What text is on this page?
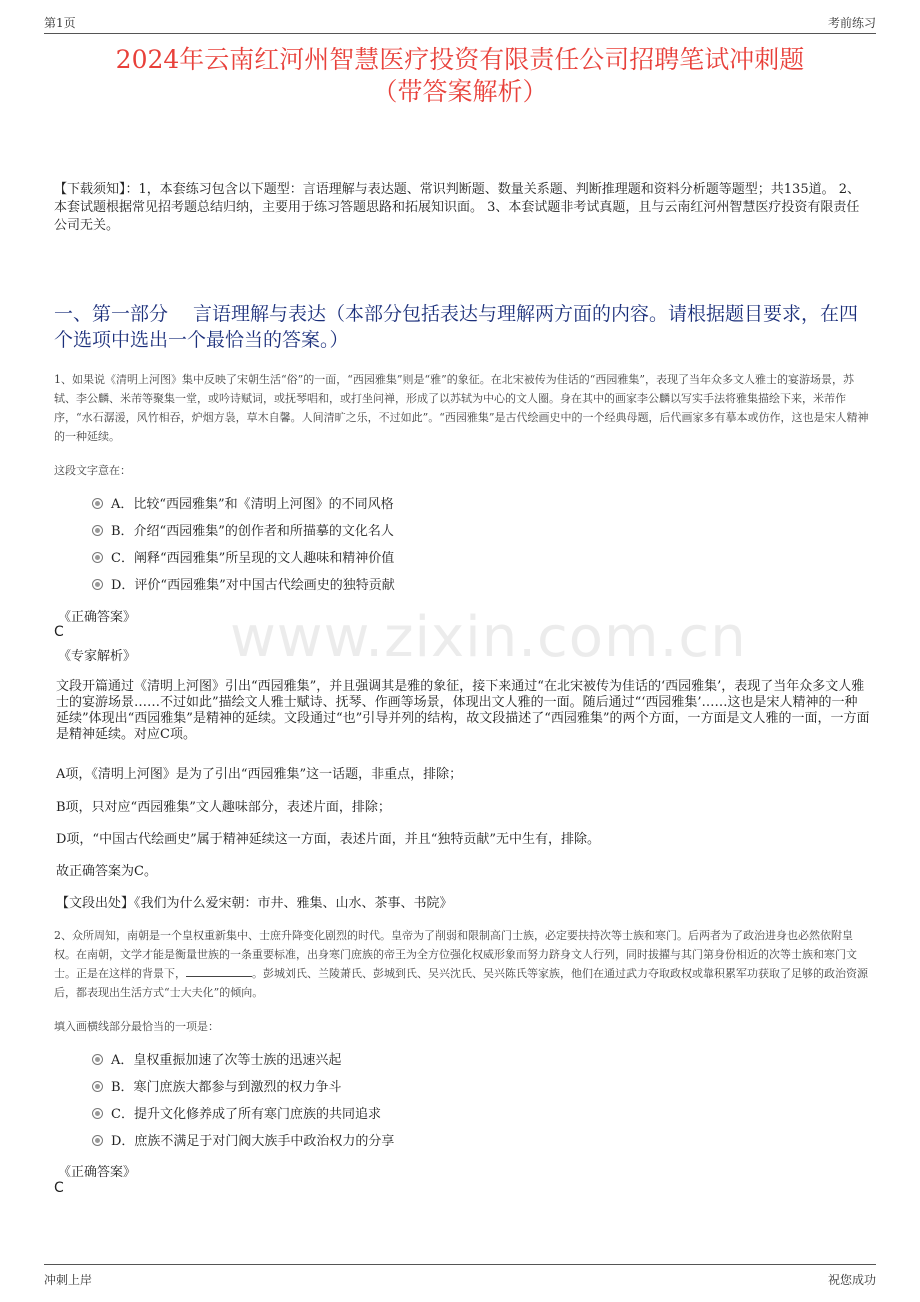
第1页	考前练习
2024年云南红河州智慧医疗投资有限责任公司招聘笔试冲刺题
（带答案解析）
【下载须知】：1，本套练习包含以下题型：言语理解与表达题、常识判断题、数量关系题、判断推理题和资料分析题等题型；共135道。 2、本套试题根据常见招考题总结归纳，主要用于练习答题思路和拓展知识面。 3、本套试题非考试真题，且与云南红河州智慧医疗投资有限责任公司无关。
一、第一部分　 言语理解与表达（本部分包括表达与理解两方面的内容。请根据题目要求，在四个选项中选出一个最恰当的答案。）
1、如果说《清明上河图》集中反映了宋朝生活“俗”的一面，“西园雅集”则是“雅”的象征。在北宋被传为佳话的“西园雅集”，表现了当年众多文人雅士的宴游场景，苏轼、李公麟、米芾等聚集一堂，或吟诗赋词，或抚琴唱和，或打坐问禅，形成了以苏轼为中心的文人圈。身在其中的画家李公麟以写实手法将雅集描绘下来，米芾作序，“水石潺湲，风竹相吞，炉烟方袅，草木自馨。人间清旷之乐，不过如此”。“西园雅集”是古代绘画史中的一个经典母题，后代画家多有摹本或仿作，这也是宋人精神的一种延续。
这段文字意在：
A．比较“西园雅集”和《清明上河图》的不同风格
B．介绍“西园雅集”的创作者和所描摹的文化名人
C．阐释“西园雅集”所呈现的文人趣味和精神价值
D．评价“西园雅集”对中国古代绘画史的独特贡献
《正确答案》
C
《专家解析》
文段开篇通过《清明上河图》引出“西园雅集”，并且强调其是雅的象征，接下来通过“在北宋被传为佳话的‘西园雅集’，表现了当年众多文人雅士的宴游场景……不过如此”描绘文人雅士赋诗、抚琴、作画等场景，体现出文人雅的一面。随后通过“‘西园雅集’……这也是宋人精神的一种延续”体现出“西园雅集”是精神的延续。文段通过“也”引导并列的结构，故文段描述了“西园雅集”的两个方面，一方面是文人雅的一面，一方面是精神延续。对应C项。
A项，《清明上河图》是为了引出“西园雅集”这一话题，非重点，排除；
B项，只对应“西园雅集”文人趣味部分，表述片面，排除；
D项，“中国古代绘画史”属于精神延续这一方面，表述片面，并且“独特贡献”无中生有，排除。
故正确答案为C。
【文段出处】《我们为什么爱宋朝：市井、雅集、山水、茶事、书院》
www.zixin.com.cn
2、众所周知，南朝是一个皇权重新集中、士庶升降变化剧烈的时代。皇帝为了削弱和限制高门士族，必定要扶持次等士族和寒门。后两者为了政治进身也必然依附皇权。在南朝，文学才能是衡量世族的一条重要标准，出身寒门庶族的帝王为全方位强化权威形象而努力跻身文人行列，同时拔擢与其门第身份相近的次等士族和寒门文士。正是在这样的背景下，	。彭城刘氏、兰陵萧氏、彭城到氏、吴兴沈氏、吴兴陈氏等家族，他们在通过武力夺取政权或靠积累军功获取了足够的政治资源后，都表现出生活方式“士大夫化”的倾向。
填入画横线部分最恰当的一项是：
A．皇权重振加速了次等士族的迅速兴起
B．寒门庶族大都参与到激烈的权力争斗
C．提升文化修养成了所有寒门庶族的共同追求
D．庶族不满足于对门阀大族手中政治权力的分享
《正确答案》
C
冲刺上岸	祝您成功
